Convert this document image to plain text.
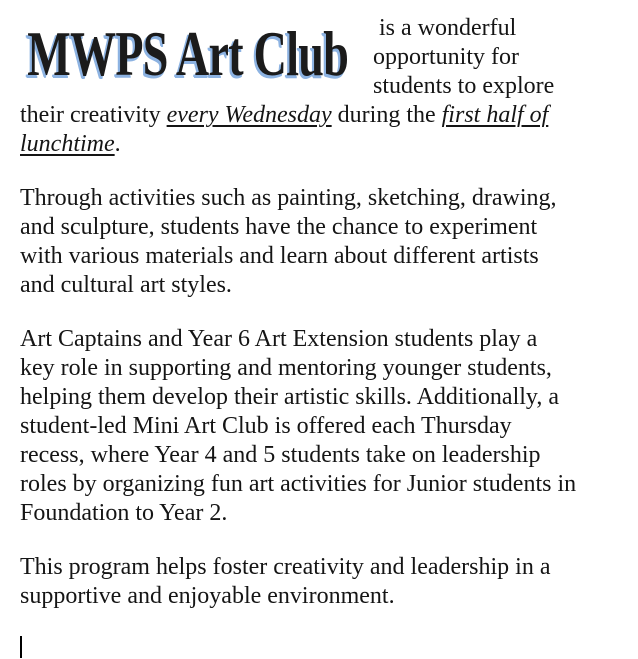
MWPS Art Club	is a wonderful
opportunity for
students to explore
their creativity every Wednesday during the first half of
lunchtime.
Through activities such as painting, sketching, drawing,
and sculpture, students have the chance to experiment
with various materials and learn about different artists
and cultural art styles.
Art Captains and Year 6 Art Extension students play a
key role in supporting and mentoring younger students,
helping them develop their artistic skills. Additionally, a
student-led Mini Art Club is offered each Thursday
recess, where Year 4 and 5 students take on leadership
roles by organizing fun art activities for Junior students in
Foundation to Year 2.
This program helps foster creativity and leadership in a
supportive and enjoyable environment.
